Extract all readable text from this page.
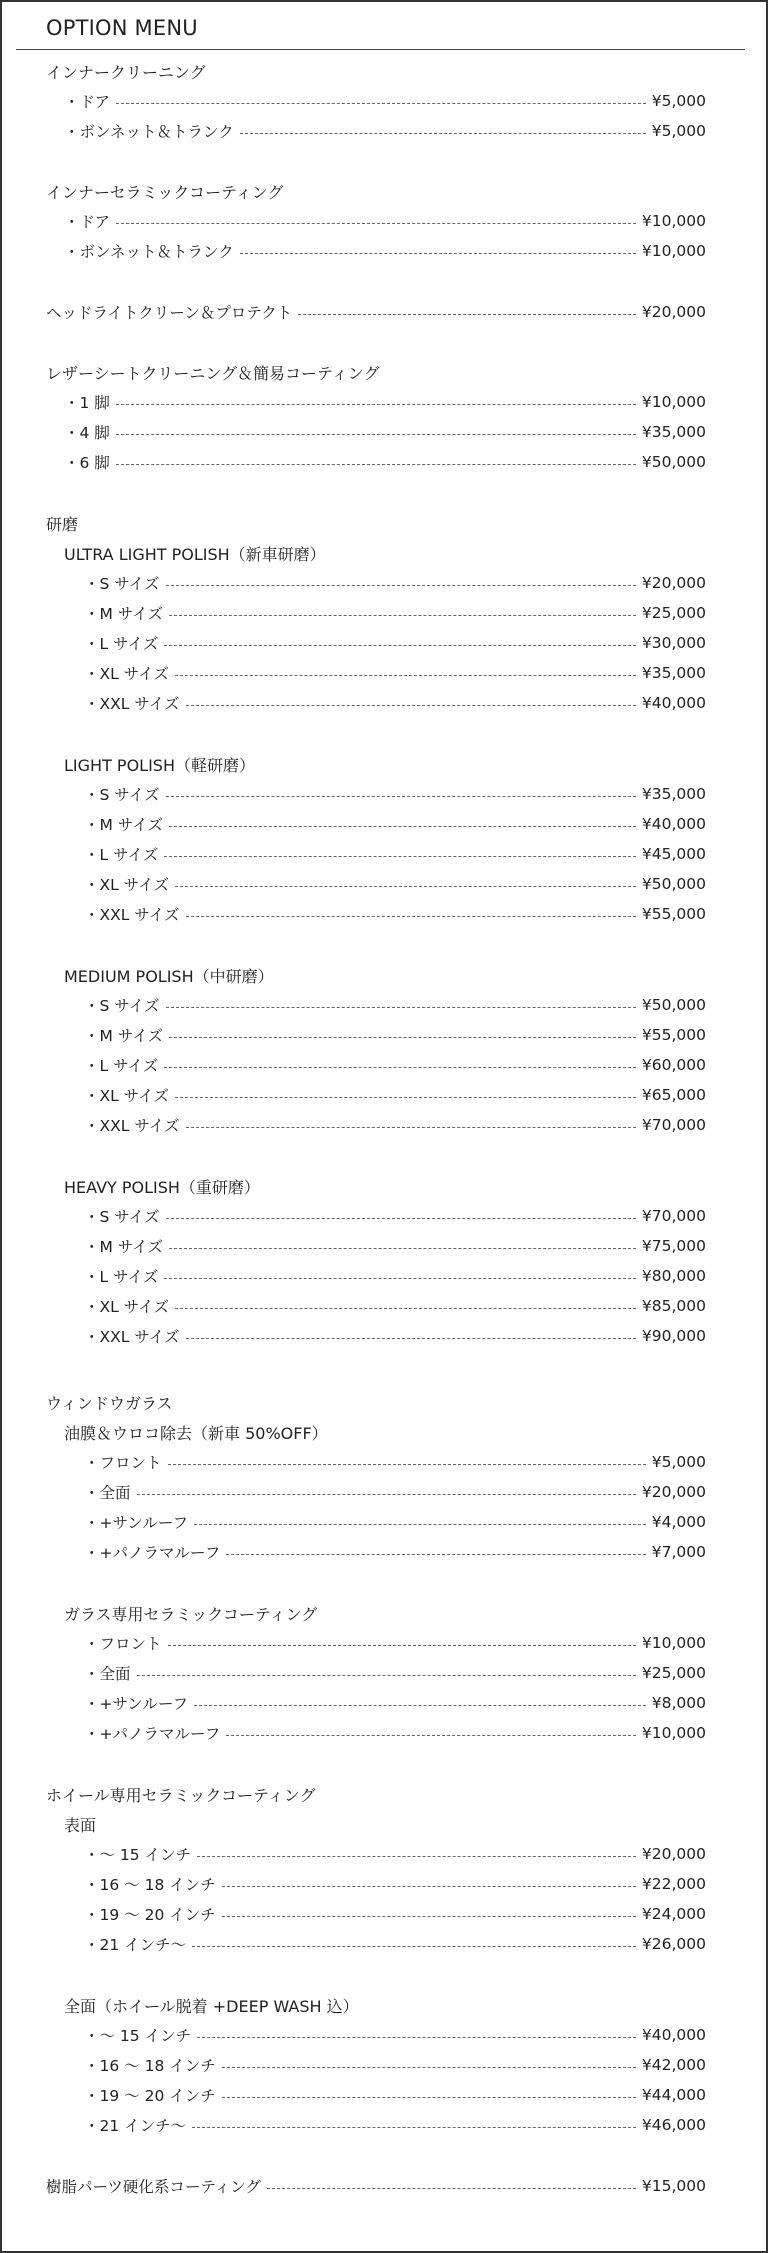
OPTION MENU
インナークリーニング
・ドア	¥5,000
・ボンネット＆トランク	¥5,000
インナーセラミックコーティング
・ドア	¥10,000
・ボンネット＆トランク	¥10,000
ヘッドライトクリーン＆プロテクト	¥20,000
レザーシートクリーニング＆簡易コーティング
・1 脚	¥10,000
・4 脚	¥35,000
・6 脚	¥50,000
研磨
ULTRA LIGHT POLISH（新車研磨）
・S サイズ	¥20,000
・M サイズ	¥25,000
・L サイズ	¥30,000
・XL サイズ	¥35,000
・XXL サイズ	¥40,000
LIGHT POLISH（軽研磨）
・S サイズ	¥35,000
・M サイズ	¥40,000
・L サイズ	¥45,000
・XL サイズ	¥50,000
・XXL サイズ	¥55,000
MEDIUM POLISH（中研磨）
・S サイズ	¥50,000
・M サイズ	¥55,000
・L サイズ	¥60,000
・XL サイズ	¥65,000
・XXL サイズ	¥70,000
HEAVY POLISH（重研磨）
・S サイズ	¥70,000
・M サイズ	¥75,000
・L サイズ	¥80,000
・XL サイズ	¥85,000
・XXL サイズ	¥90,000
ウィンドウガラス
油膜＆ウロコ除去（新車 50%OFF）
・フロント	¥5,000
・全面	¥20,000
・+サンルーフ	¥4,000
・+パノラマルーフ	¥7,000
ガラス専用セラミックコーティング
・フロント	¥10,000
・全面	¥25,000
・+サンルーフ	¥8,000
・+パノラマルーフ	¥10,000
ホイール専用セラミックコーティング
表面
・〜 15 インチ	¥20,000
・16 〜 18 インチ	¥22,000
・19 〜 20 インチ	¥24,000
・21 インチ〜	¥26,000
全面（ホイール脱着 +DEEP WASH 込）
・〜 15 インチ	¥40,000
・16 〜 18 インチ	¥42,000
・19 〜 20 インチ	¥44,000
・21 インチ〜	¥46,000
樹脂パーツ硬化系コーティング	¥15,000
